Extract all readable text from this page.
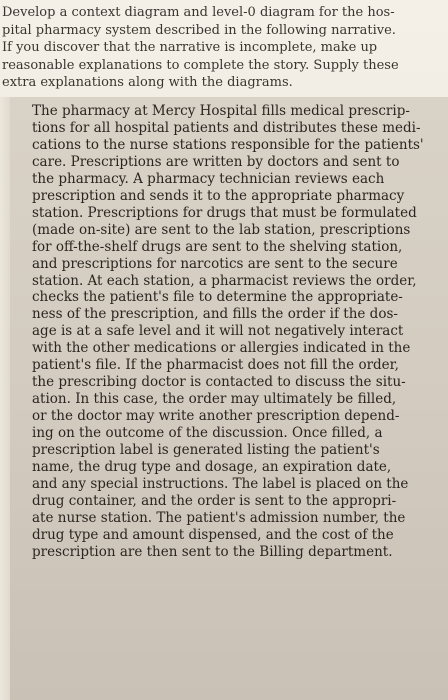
Develop a context diagram and level-0 diagram for the hos-
pital pharmacy system described in the following narrative.
If you discover that the narrative is incomplete, make up
reasonable explanations to complete the story. Supply these
extra explanations along with the diagrams.

The pharmacy at Mercy Hospital fills medical prescrip-
tions for all hospital patients and distributes these medi-
cations to the nurse stations responsible for the patients'
care. Prescriptions are written by doctors and sent to
the pharmacy. A pharmacy technician reviews each
prescription and sends it to the appropriate pharmacy
station. Prescriptions for drugs that must be formulated
(made on-site) are sent to the lab station, prescriptions
for off-the-shelf drugs are sent to the shelving station,
and prescriptions for narcotics are sent to the secure
station. At each station, a pharmacist reviews the order,
checks the patient's file to determine the appropriate-
ness of the prescription, and fills the order if the dos-
age is at a safe level and it will not negatively interact
with the other medications or allergies indicated in the
patient's file. If the pharmacist does not fill the order,
the prescribing doctor is contacted to discuss the situ-
ation. In this case, the order may ultimately be filled,
or the doctor may write another prescription depend-
ing on the outcome of the discussion. Once filled, a
prescription label is generated listing the patient's
name, the drug type and dosage, an expiration date,
and any special instructions. The label is placed on the
drug container, and the order is sent to the appropri-
ate nurse station. The patient's admission number, the
drug type and amount dispensed, and the cost of the
prescription are then sent to the Billing department.
